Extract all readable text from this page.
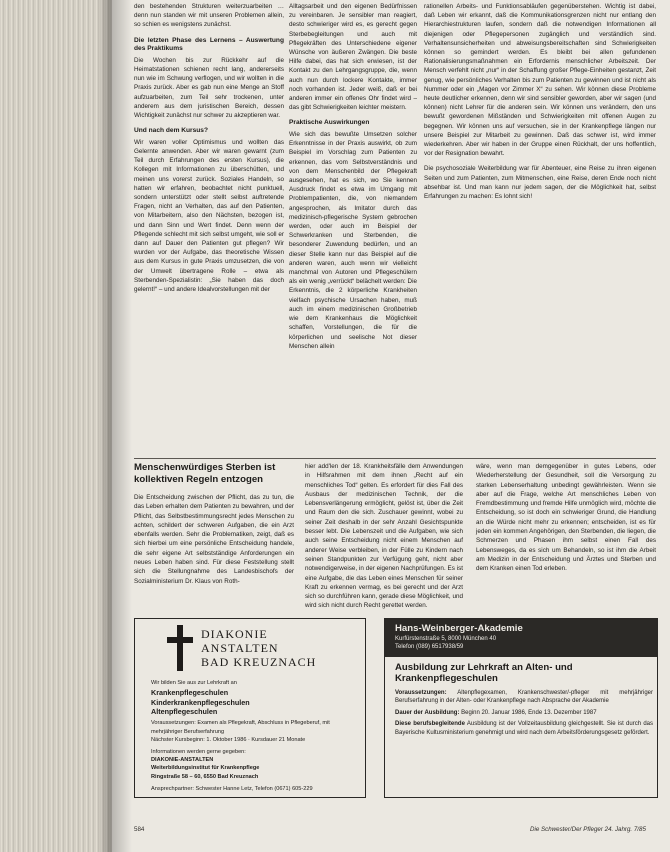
den bestehenden Strukturen weiterzuarbeiten … denn nun standen wir mit unseren Problemen allein, so schien es wenigstens zunächst.

Die letzten Phase des Lernens – Auswertung des Praktikums

Die Wochen bis zur Rückkehr auf die Heimatstationen schienen recht lang, andererseits nun wie im Schwung verflogen, und wir wollten in die Praxis zurück. Aber es gab nun eine Menge an Stoff aufzuarbeiten, zum Teil sehr trockenen, unter anderem aus dem juristischen Bereich, dessen Wichtigkeit zunächst nur schwer zu akzeptieren war.

Und nach dem Kursus?

Wir waren voller Optimismus und wollten das Gelernte anwenden. Aber wir waren gewarnt (zum Teil durch Erfahrungen des ersten Kursus), die Kollegen mit Informationen zu überschütten, und meinen uns vorerst zurück. Soziales Handeln, so hatten wir erfahren, beobachtet nicht punktuell, sondern unterstützt oder stellt selbst auftretende Fragen, nicht an Verhalten, das auf den Patienten, von Mitarbeitern, also den Nächsten, bezogen ist, und dann Sinn und Wert findet. Denn wenn der Pflegende schlecht mit sich selbst umgeht, wie soll er dann auf Dauer den Patienten gut pflegen? Wir wurden vor der Aufgabe, das theoretische Wissen aus dem Kursus in gute Praxis umzusetzen, die von der Umwelt übertragene Rolle – etwa als Sterbenden-Spezialistin: „Sie haben das doch gelernt!“ – und andere Idealvorstellungen mit der

Alltagsarbeit und den eigenen Bedürfnissen zu vereinbaren. Je sensibler man reagiert, desto schwieriger wird es, es gerecht gegen Sterbebegleitungen und auch mit Pflegekräften des Unterschiedene eigener Wünsche von äußeren Zwängen. Die beste Hilfe dabei, das hat sich erwiesen, ist der Kontakt zu den Lehrgangsgruppe, die, wenn auch nun durch lockere Kontakte, immer noch vorhanden ist. Jeder weiß, daß er bei anderen immer ein offenes Ohr findet wird – das gibt Schwierigkeiten leichter meistern.

Praktische Auswirkungen

Wie sich das bewußte Umsetzen solcher Erkenntnisse in der Praxis auswirkt, ob zum Beispiel im Vorschlag zum Patienten zu erkennen, das vom Selbstverständnis und von dem Menschenbild der Pflegekraft ausgesehen, hat es sich, wo Sie kennen Ausdruck findet es etwa im Umgang mit Problempatienten, die, von niemandem angesprochen, als Imitator durch das medizinisch-pflegerische System gebrochen werden, oder auch im Beispiel der Schwerkranken und Sterbenden, die besonderer Zuwendung bedürfen, und an dieser Stelle kann nur das Beispiel auf die anderen waren, auch wenn wir vielleicht manchmal von Autoren und Pflegeschülern als ein wenig „verrückt“ belächelt werden: Die Erkenntnis, die 2 körperliche Krankheiten vielfach psychische Ursachen haben, muß auch im einem medizinischen Großbetrieb wie dem Krankenhaus die Möglichkeit schaffen, Vorstellungen, die für die körperlichen und seelische Not dieser Menschen allein

rationellen Arbeits- und Funktionsabläufen gegenüberstehen. Wichtig ist dabei, daß Leben wir erkannt, daß die Kommunikationsgrenzen nicht nur entlang den Hierarchiestrukturen laufen, sondern daß die notwendigen Informationen all diejenigen oder Pflegepersonen zugänglich und verständlich sind. Verhaltensunsicherheiten und abweisungsbereitschaften sind Schwierigkeiten können so gemindert werden. Es bleibt bei allen gefundenen Rationalisierungsmaßnahmen ein Erfordernis menschlicher Arbeitszeit. Der Mensch verfehlt nicht „nur“ in der Schaffung großer Pflege-Einheiten gestanzt, Zeit genug, wie persönliches Verhalten bis zum Patienten zu gewinnen und ist nicht als Nummer oder ein „Magen vor Zimmer X“ zu sehen. Wir können diese Probleme heute deutlicher erkennen, denn wir sind sensibler geworden, aber wir sagen (und können) nicht Lehrer für die anderen sein. Wir können uns verändern, den uns bewußt gewordenen Mißständen und Schwierigkeiten mit offenen Augen zu begegnen. Wir können uns auf versuchen, sie in der Krankenpflege längen nur unsere Beispiel zur Mitarbeit zu gewinnen. Daß das schwer ist, wird immer wiederkehren. Aber wir haben in der Gruppe einen Rückhalt, der uns hoffentlich, vor der Resignation bewahrt.

Die psychosoziale Weiterbildung war für Abenteuer, eine Reise zu ihren eigenen Seiten und zum Patienten, zum Mitmenschen, eine Reise, deren Ende noch nicht absehbar ist. Und man kann nur jedem sagen, der die Möglichkeit hat, selbst Erfahrungen zu machen: Es lohnt sich!

Menschenwürdiges Sterben ist kollektiven Regeln entzogen
Die Entscheidung zwischen der Pflicht, das zu tun, die das Leben erhalten dem Patienten zu bewahren, und der Pflicht, das Selbstbestimmungsrecht jedes Menschen zu achten, schildert der schweren Aufgaben, die ein Arzt ebenfalls werden. Sehr die Problematiken, zeigt, daß es sich hierbei um eine persönliche Entscheidung handele, die sehr eigene Art selbstständige Anforderungen ein neues Leben haben sind. Für diese Feststellung stellt sich die Stellungnahme des Landesbischofs der Sozialministerium Dr. Klaus von Roth-
hier add'len der 18. Krankheitsfälle dem Anwendungen in Hilfsrahmen mit dem ihnen „Recht auf ein menschliches Tod“ gelten. Es erfordert für dies Fall des Ausbaus der medizinischen Technik, der die Lebensverlängerung ermöglicht, gelöst ist, über die Zeit und Raum den die sich. Zuschauer gewinnt, wobei zu seiner Zeit deshalb in der sehr Anzahl Gesichtspunkte besser lebt. Die Lebenszeit und die Aufgaben, wie sich auch seine Entscheidung nicht einem Menschen auf anderer Weise verbleiben, in der Fülle zu Kindern nach seinen Standpunkten zur Verfügung geht, nicht aber notwendigerweise, in der eigenen Nachprüfungen. Es ist eine Aufgabe, die das Leben eines Menschen für seiner Kraft zu erkennen vermag, es bei gerecht und der Arzt sich so durchführen kann, gerade diese Möglichkeit, und wird sich nicht durch Recht gerettet werden.
wäre, wenn man demgegenüber in gutes Lebens, oder Wiederherstellung der Gesundheit, soll die Versorgung zu starken Lebenserhaltung unbedingt gewährleisten. Wenn sie aber auf die Frage, welche Art menschliches Leben von Fremdbestimmung und fremde Hilfe unmöglich wird, möchte die Entscheidung, so ist doch ein schwieriger Grund, die Handlung an die Würde nicht mehr zu erkennen; entscheiden, ist es für jeden ein kommen Angehörigen, den Sterbenden, die liegen, die Schmerzen und Phasen ihm selbst einen Fall des Lebensweges, da es sich um Behandeln, so ist ihm die Arbeit am Medizin in der Entscheidung und Ärztes und Sterben und dem Kranken einen Tod erleben.
DIAKONIE
ANSTALTEN
BAD KREUZNACH

Wir bilden Sie aus zur Lehrkraft an

Krankenpflegeschulen
Kinderkrankenpflegeschulen
Altenpflegeschulen

Voraussetzungen: Examen als Pflegekraft, Abschluss in Pflegeberuf, mit mehrjähriger Berufserfahrung

Nächster Kursbeginn: 1. Oktober 1986 · Kursdauer 21 Monate

Informationen werden gerne gegeben:

DIAKONIE-ANSTALTEN

Weiterbildungsinstitut für Krankenpflege

Ringstraße 58 – 60, 6550 Bad Kreuznach

Ansprechpartner: Schwester Hanne Letz, Telefon (0671) 605-229

Hans-Weinberger-Akademie
Kurfürstenstraße 5, 8000 München 40
Telefon (089) 6517938/59
Ausbildung zur Lehrkraft an Alten- und Krankenpflegeschulen

Voraussetzungen: Altenpflegexamen, Krankenschwester/-pfleger mit mehrjähriger Berufserfahrung in der Alten- oder Krankenpflege nach Absprache der Akademie

Dauer der Ausbildung: Beginn 20. Januar 1986, Ende 13. Dezember 1987

Diese berufsbegleitende Ausbildung ist der Vollzeitausbildung gleichgestellt. Sie ist durch das Bayerische Kultusministerium genehmigt und wird nach dem Arbeitsförderungsgesetz gefördert.

584	Die Schwester/Der Pfleger 24. Jahrg. 7/85
